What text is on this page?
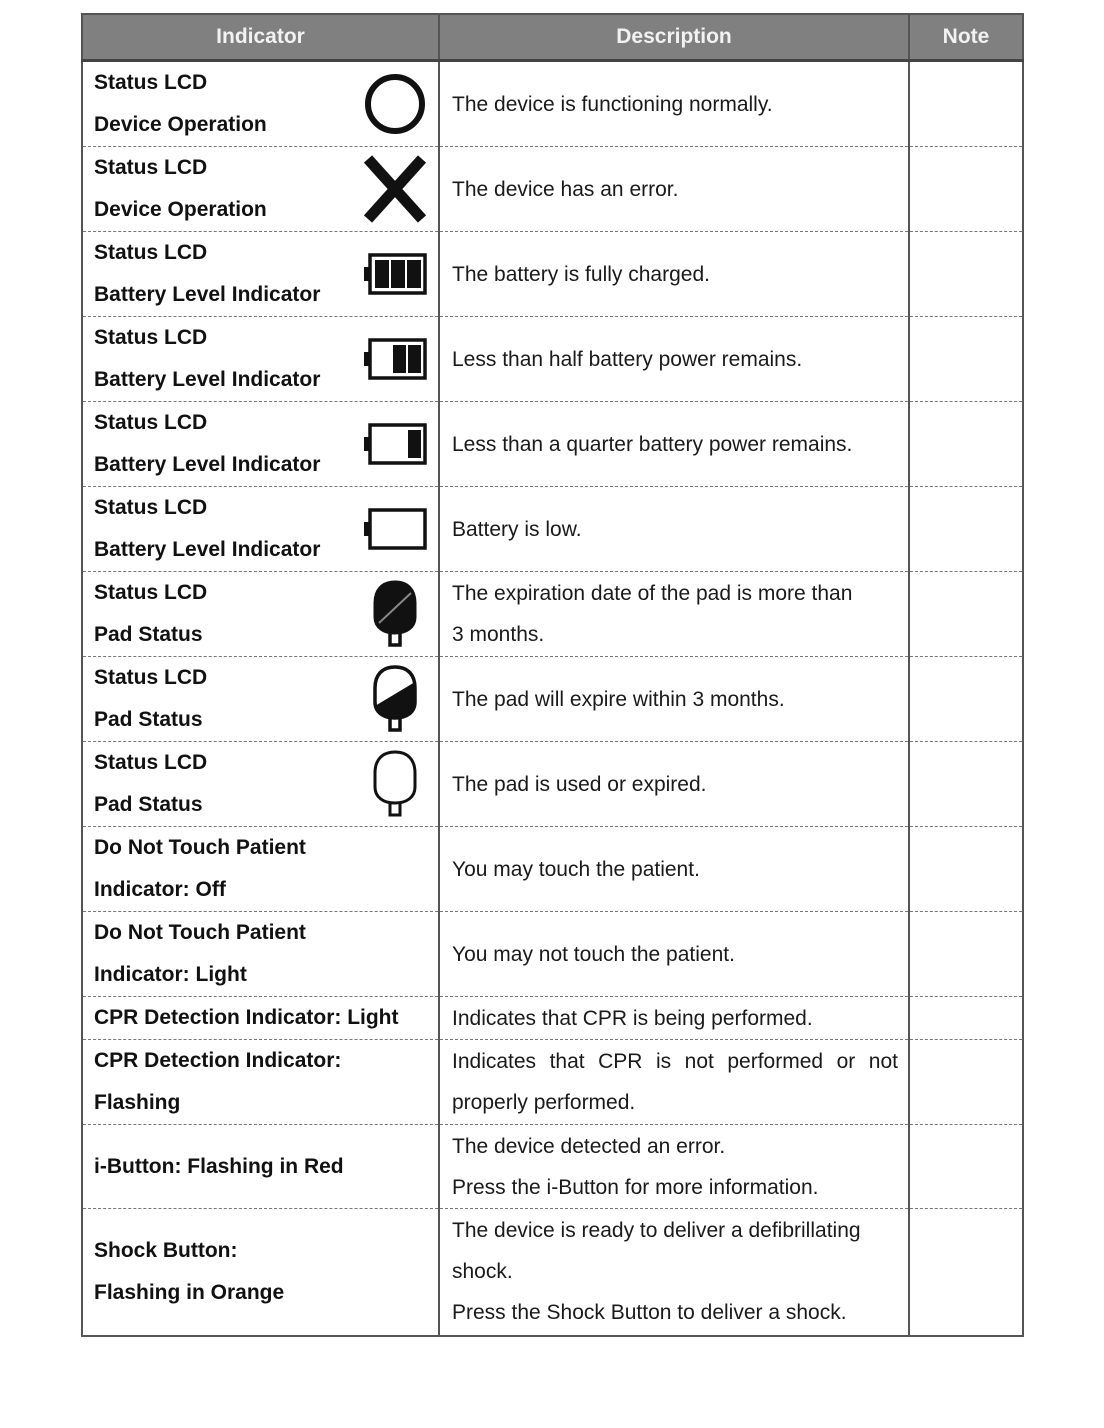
Indicator	Description	Note

Status LCD
Device Operation	The device is functioning normally.	

Status LCD
Device Operation	The device has an error.	

Status LCD
Battery Level Indicator	The battery is fully charged.	

Status LCD
Battery Level Indicator	Less than half battery power remains.	

Status LCD
Battery Level Indicator	Less than a quarter battery power remains.	

Status LCD
Battery Level Indicator	Battery is low.	

Status LCD
Pad Status	The expiration date of the pad is more than
3 months.	

Status LCD
Pad Status	The pad will expire within 3 months.	

Status LCD
Pad Status	The pad is used or expired.	

Do Not Touch Patient
Indicator: Off	You may touch the patient.	

Do Not Touch Patient
Indicator: Light	You may not touch the patient.	

CPR Detection Indicator: Light	Indicates that CPR is being performed.	

CPR Detection Indicator:
Flashing	Indicates that CPR is not performed or not
properly performed.	

i-Button: Flashing in Red	The device detected an error.
Press the i-Button for more information.	

Shock Button:
Flashing in Orange	The device is ready to deliver a defibrillating
shock.
Press the Shock Button to deliver a shock.	
